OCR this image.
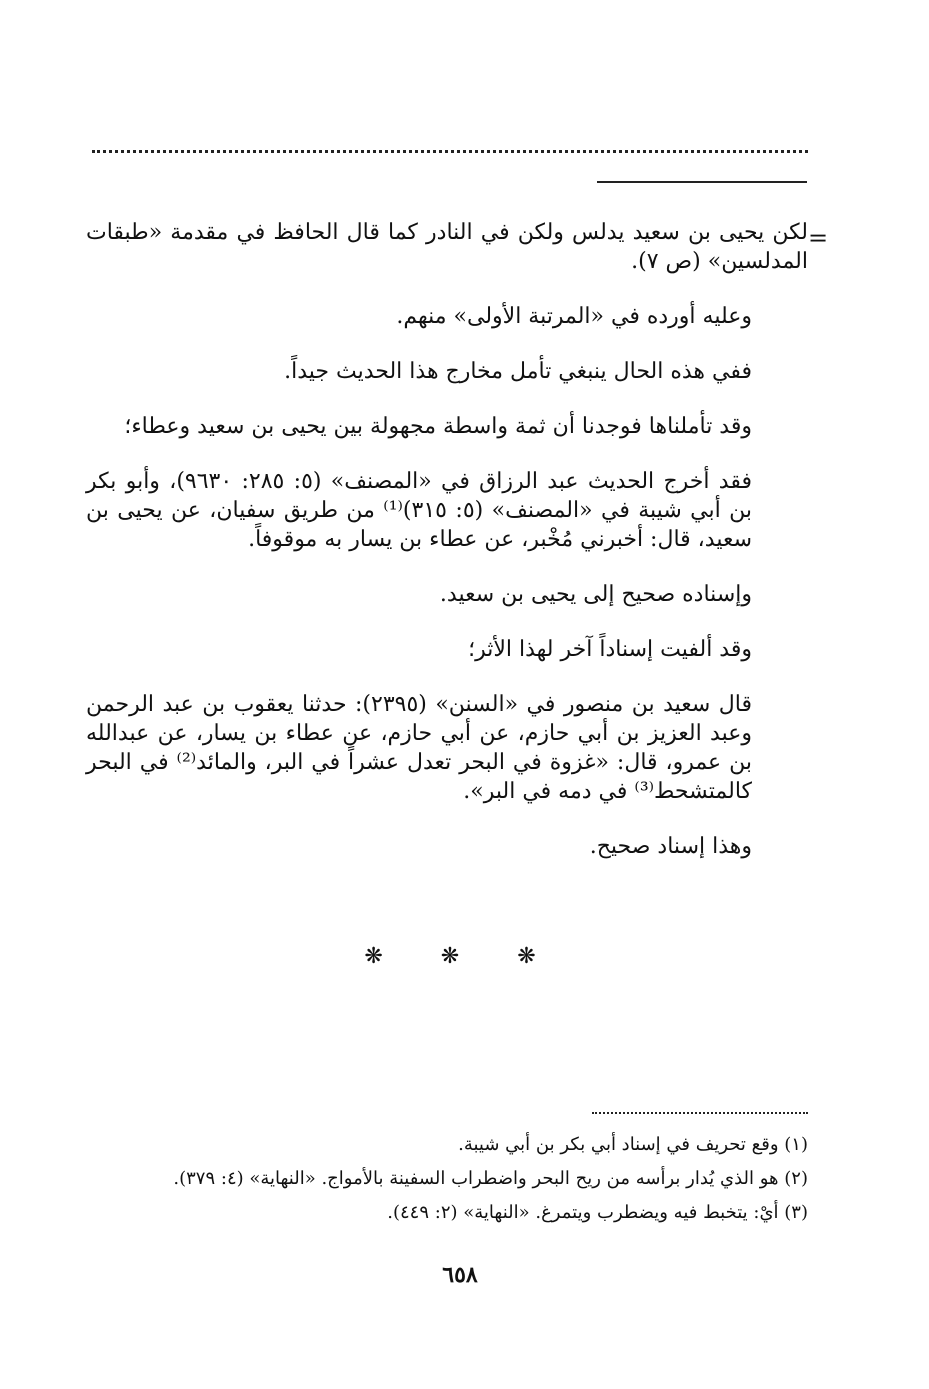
=

لكن يحيى بن سعيد يدلس ولكن في النادر كما قال الحافظ في مقدمة «طبقات المدلسين» (ص ٧).

وعليه أورده في «المرتبة الأولى» منهم.

ففي هذه الحال ينبغي تأمل مخارج هذا الحديث جيداً.

وقد تأملناها فوجدنا أن ثمة واسطة مجهولة بين يحيى بن سعيد وعطاء؛

فقد أخرج الحديث عبد الرزاق في «المصنف» (٥: ٢٨٥: ٩٦٣٠)، وأبو بكر بن أبي شيبة في «المصنف» (٥: ٣١٥)⁽¹⁾ من طريق سفيان، عن يحيى بن سعيد، قال: أخبرني مُخْبر، عن عطاء بن يسار به موقوفاً.

وإسناده صحيح إلى يحيى بن سعيد.

وقد ألفيت إسناداً آخر لهذا الأثر؛

قال سعيد بن منصور في «السنن» (٢٣٩٥): حدثنا يعقوب بن عبد الرحمن وعبد العزيز بن أبي حازم، عن أبي حازم، عن عطاء بن يسار، عن عبدالله بن عمرو، قال: «غزوة في البحر تعدل عشراً في البر، والمائد⁽²⁾ في البحر كالمتشحط⁽³⁾ في دمه في البر».

وهذا إسناد صحيح.

❋	❋	❋
(١) وقع تحريف في إسناد أبي بكر بن أبي شيبة.
(٢) هو الذي يُدار برأسه من ريح البحر واضطراب السفينة بالأمواج. «النهاية» (٤: ٣٧٩).
(٣) أيْ: يتخبط فيه ويضطرب ويتمرغ. «النهاية» (٢: ٤٤٩).
٦٥٨
